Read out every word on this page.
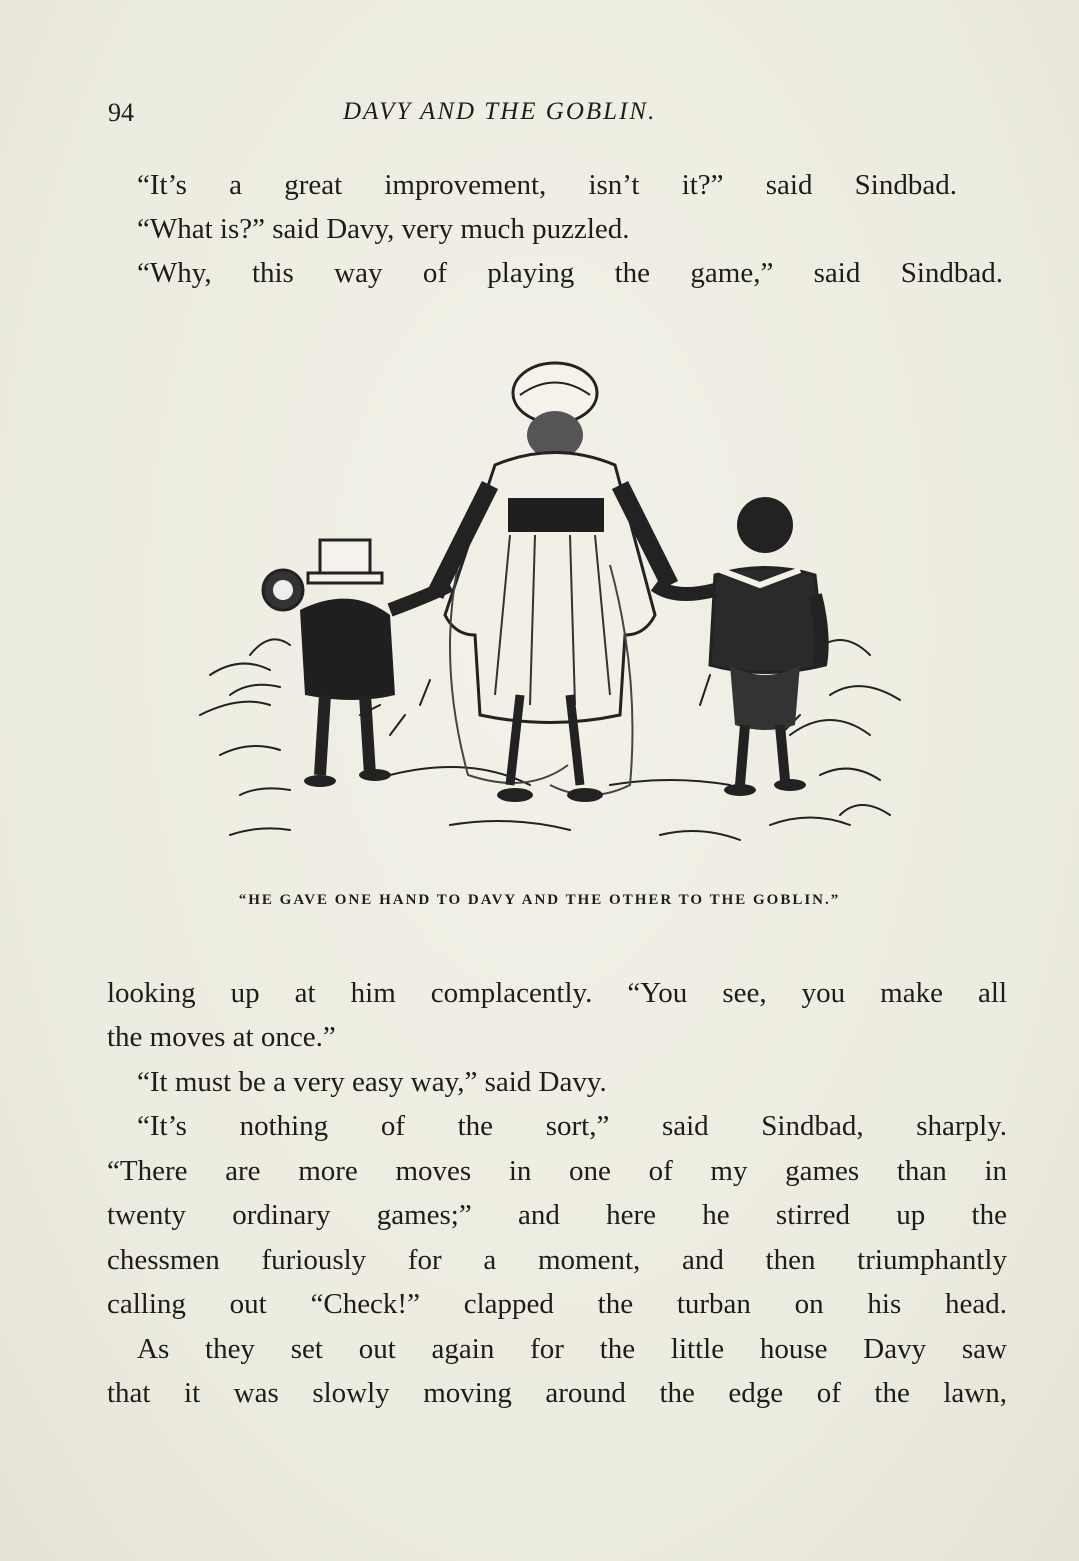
94	DAVY AND THE GOBLIN.
“It’s a great improvement, isn’t it?” said Sindbad.
“What is?” said Davy, very much puzzled.
“Why, this way of playing the game,” said Sindbad.
“HE GAVE ONE HAND TO DAVY AND THE OTHER TO THE GOBLIN.”
looking up at him complacently. “You see, you make all
the moves at once.”
“It must be a very easy way,” said Davy.
“It’s nothing of the sort,” said Sindbad, sharply.
“There are more moves in one of my games than in
twenty ordinary games;” and here he stirred up the
chessmen furiously for a moment, and then triumphantly
calling out “Check!” clapped the turban on his head.
As they set out again for the little house Davy saw
that it was slowly moving around the edge of the lawn,
